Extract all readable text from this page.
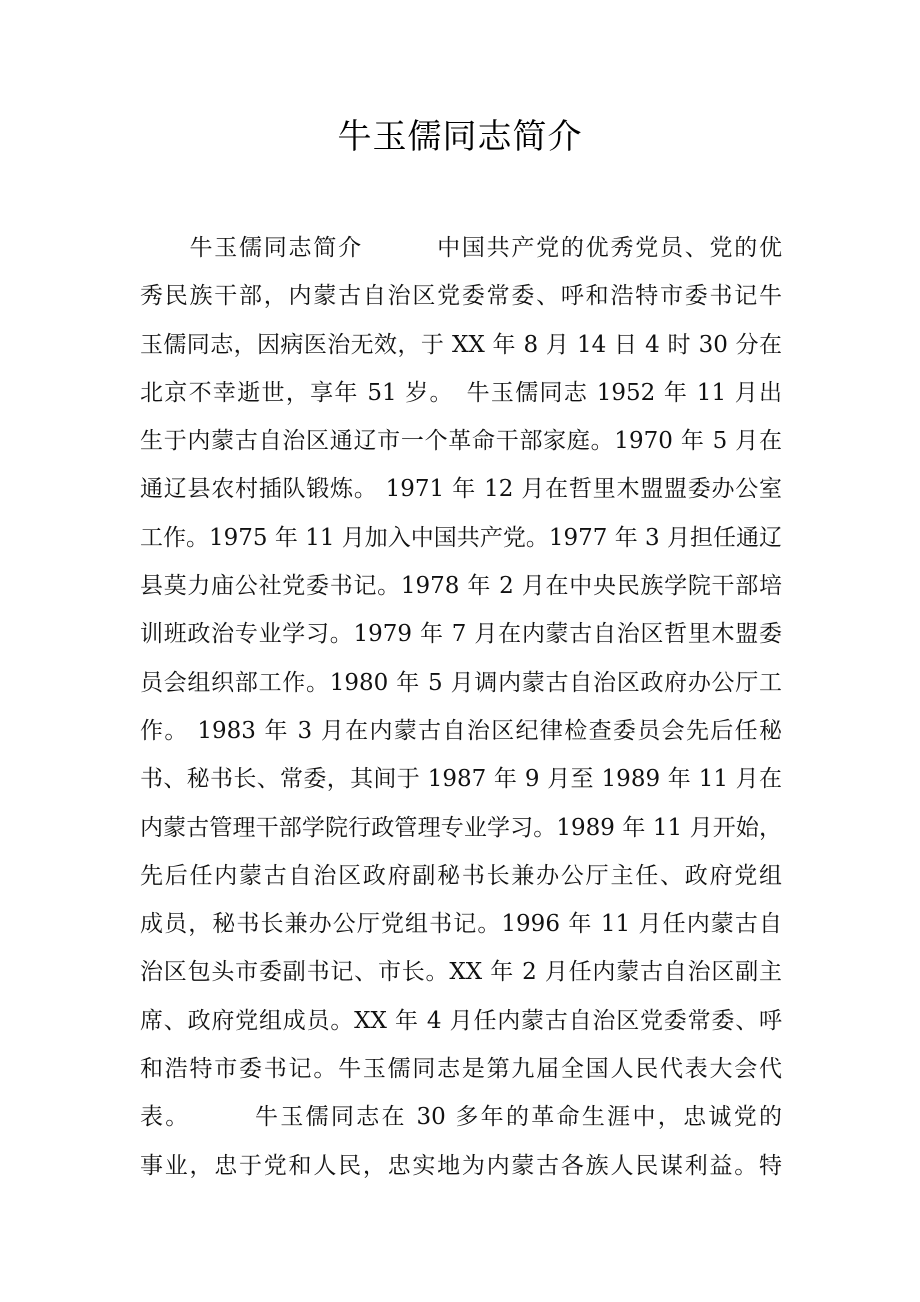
牛玉儒同志简介
　　牛玉儒同志简介　　　中国共产党的优秀党员、党的优
秀民族干部，内蒙古自治区党委常委、呼和浩特市委书记牛
玉儒同志，因病医治无效，于 XX 年 8 月 14 日 4 时 30 分在
北京不幸逝世，享年 51 岁。　牛玉儒同志 1952 年 11 月出
生于内蒙古自治区通辽市一个革命干部家庭。1970 年 5 月在
通辽县农村插队锻炼。 1971 年 12 月在哲里木盟盟委办公室
工作。1975 年 11 月加入中国共产党。1977 年 3 月担任通辽
县莫力庙公社党委书记。1978 年 2 月在中央民族学院干部培
训班政治专业学习。1979 年 7 月在内蒙古自治区哲里木盟委
员会组织部工作。1980 年 5 月调内蒙古自治区政府办公厅工
作。 1983 年 3 月在内蒙古自治区纪律检查委员会先后任秘
书、秘书长、常委，其间于 1987 年 9 月至 1989 年 11 月在
内蒙古管理干部学院行政管理专业学习。1989 年 11 月开始，
先后任内蒙古自治区政府副秘书长兼办公厅主任、政府党组
成员，秘书长兼办公厅党组书记。1996 年 11 月任内蒙古自
治区包头市委副书记、市长。XX 年 2 月任内蒙古自治区副主
席、政府党组成员。XX 年 4 月任内蒙古自治区党委常委、呼
和浩特市委书记。牛玉儒同志是第九届全国人民代表大会代
表。　　　牛玉儒同志在 30 多年的革命生涯中，忠诚党的
事业，忠于党和人民，忠实地为内蒙古各族人民谋利益。特
